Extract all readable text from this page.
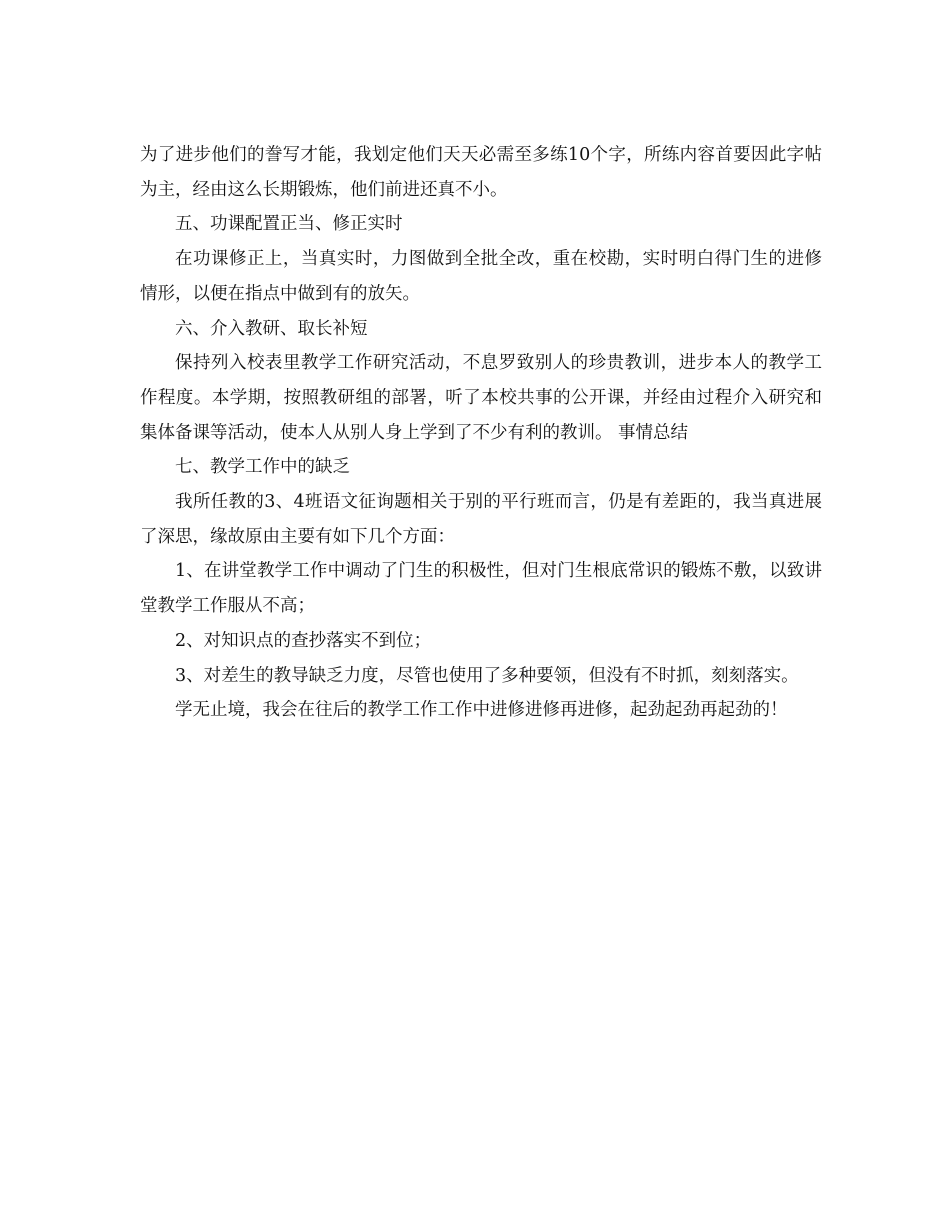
为了进步他们的誊写才能，我划定他们天天必需至多练10个字，所练内容首要因此字帖为主，经由这么长期锻炼，他们前进还真不小。

五、功课配置正当、修正实时

在功课修正上，当真实时，力图做到全批全改，重在校勘，实时明白得门生的进修情形，以便在指点中做到有的放矢。

六、介入教研、取长补短

保持列入校表里教学工作研究活动，不息罗致别人的珍贵教训，进步本人的教学工作程度。本学期，按照教研组的部署，听了本校共事的公开课，并经由过程介入研究和集体备课等活动，使本人从别人身上学到了不少有利的教训。 事情总结

七、教学工作中的缺乏

我所任教的3、4班语文征询题相关于别的平行班而言，仍是有差距的，我当真进展了深思，缘故原由主要有如下几个方面：

1、在讲堂教学工作中调动了门生的积极性，但对门生根底常识的锻炼不敷，以致讲堂教学工作服从不高；

2、对知识点的查抄落实不到位；

3、对差生的教导缺乏力度，尽管也使用了多种要领，但没有不时抓，刻刻落实。

学无止境，我会在往后的教学工作工作中进修进修再进修，起劲起劲再起劲的！
